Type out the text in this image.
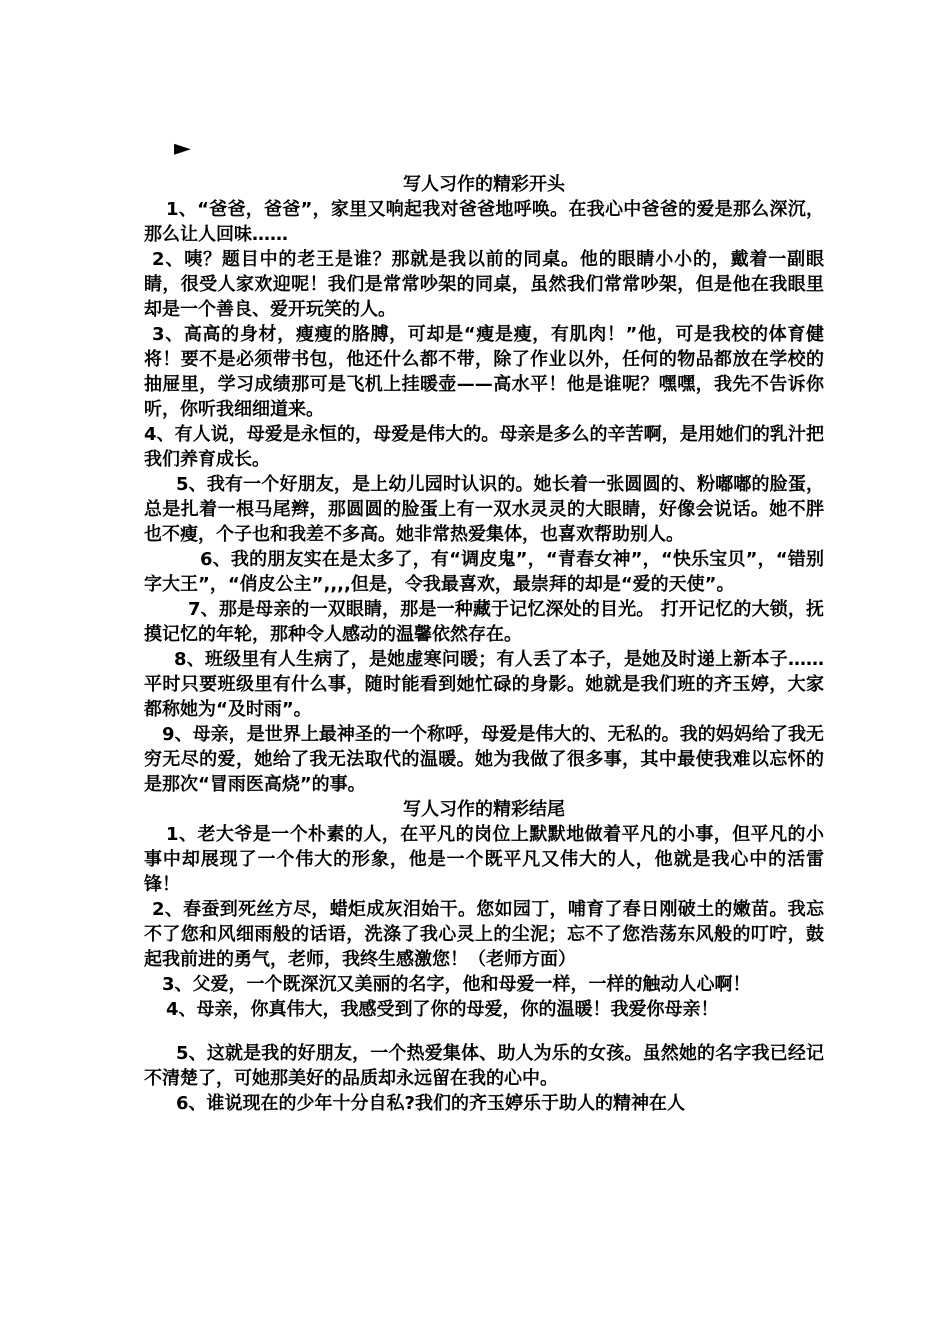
►

写人习作的精彩开头

1、“爸爸，爸爸”，家里又响起我对爸爸地呼唤。在我心中爸爸的爱是那么深沉，那么让人回味……

2、咦？题目中的老王是谁？那就是我以前的同桌。他的眼睛小小的，戴着一副眼睛，很受人家欢迎呢！我们是常常吵架的同桌，虽然我们常常吵架，但是他在我眼里却是一个善良、爱开玩笑的人。

3、高高的身材，瘦瘦的胳膊，可却是“瘦是瘦，有肌肉！”他，可是我校的体育健将！要不是必须带书包，他还什么都不带，除了作业以外，任何的物品都放在学校的抽屉里，学习成绩那可是飞机上挂暖壶——高水平！他是谁呢？嘿嘿，我先不告诉你听，你听我细细道来。

4、有人说，母爱是永恒的，母爱是伟大的。母亲是多么的辛苦啊，是用她们的乳汁把我们养育成长。

5、我有一个好朋友，是上幼儿园时认识的。她长着一张圆圆的、粉嘟嘟的脸蛋，总是扎着一根马尾辫，那圆圆的脸蛋上有一双水灵灵的大眼睛，好像会说话。她不胖也不瘦，个子也和我差不多高。她非常热爱集体，也喜欢帮助别人。

6、我的朋友实在是太多了，有“调皮鬼”，“青春女神”，“快乐宝贝”，“错别字大王”，“俏皮公主”,,,,但是，令我最喜欢，最崇拜的却是“爱的天使”。

7、那是母亲的一双眼睛，那是一种藏于记忆深处的目光。 打开记忆的大锁，抚摸记忆的年轮，那种令人感动的温馨依然存在。

8、班级里有人生病了，是她虚寒问暖；有人丢了本子，是她及时递上新本子……平时只要班级里有什么事，随时能看到她忙碌的身影。她就是我们班的齐玉婷，大家都称她为“及时雨”。

9、母亲，是世界上最神圣的一个称呼，母爱是伟大的、无私的。我的妈妈给了我无穷无尽的爱，她给了我无法取代的温暖。她为我做了很多事，其中最使我难以忘怀的是那次“冒雨医高烧”的事。

写人习作的精彩结尾

1、老大爷是一个朴素的人，在平凡的岗位上默默地做着平凡的小事，但平凡的小事中却展现了一个伟大的形象，他是一个既平凡又伟大的人，他就是我心中的活雷锋！

2、春蚕到死丝方尽，蜡炬成灰泪始干。您如园丁，哺育了春日刚破土的嫩苗。我忘不了您和风细雨般的话语，洗涤了我心灵上的尘泥；忘不了您浩荡东风般的叮咛，鼓起我前进的勇气，老师，我终生感激您！（老师方面）

3、父爱，一个既深沉又美丽的名字，他和母爱一样，一样的触动人心啊！

4、母亲，你真伟大，我感受到了你的母爱，你的温暖！我爱你母亲！

5、这就是我的好朋友，一个热爱集体、助人为乐的女孩。虽然她的名字我已经记不清楚了，可她那美好的品质却永远留在我的心中。

6、谁说现在的少年十分自私?我们的齐玉婷乐于助人的精神在人
